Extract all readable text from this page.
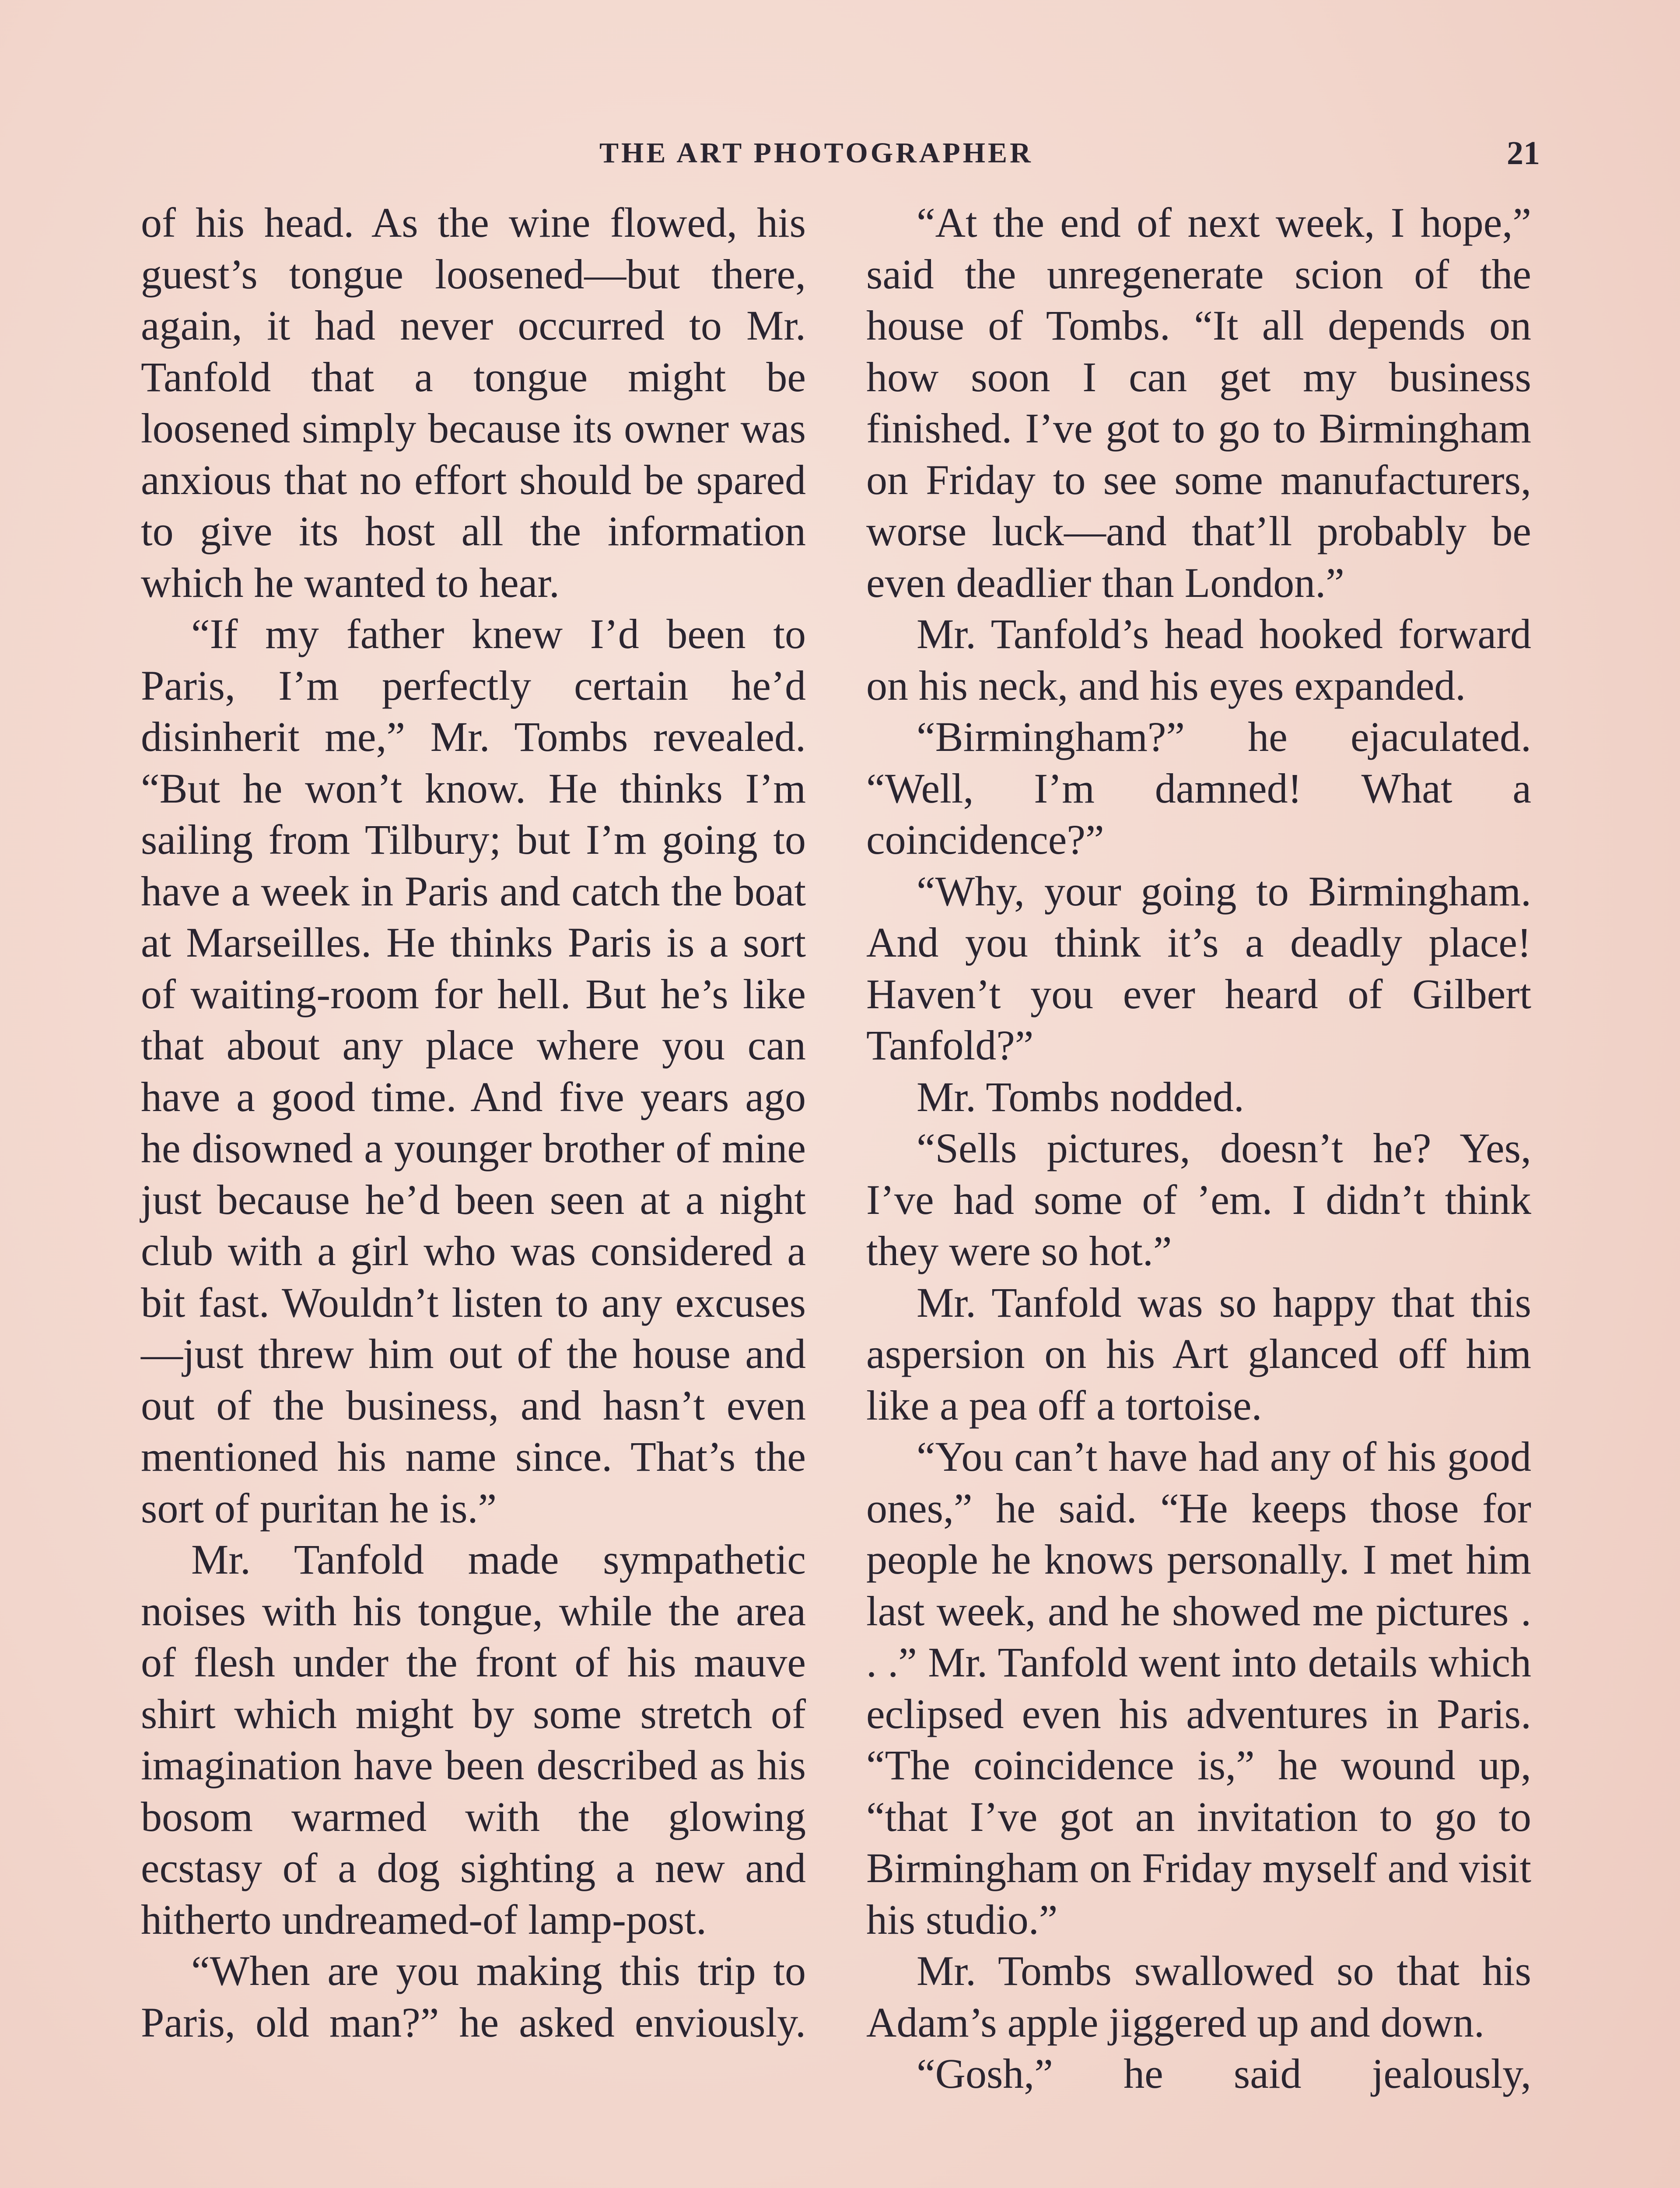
THE ART PHOTOGRAPHER	21

of his head. As the wine flowed, his guest’s tongue loosened—but there, again, it had never occurred to Mr. Tanfold that a tongue might be loosened simply because its owner was anxious that no effort should be spared to give its host all the information which he wanted to hear.

“If my father knew I’d been to Paris, I’m perfectly certain he’d disinherit me,” Mr. Tombs revealed. “But he won’t know. He thinks I’m sailing from Tilbury; but I’m going to have a week in Paris and catch the boat at Marseilles. He thinks Paris is a sort of waiting-room for hell. But he’s like that about any place where you can have a good time. And five years ago he disowned a younger brother of mine just because he’d been seen at a night club with a girl who was considered a bit fast. Wouldn’t listen to any excuses—just threw him out of the house and out of the business, and hasn’t even mentioned his name since. That’s the sort of puritan he is.”

Mr. Tanfold made sympathetic noises with his tongue, while the area of flesh under the front of his mauve shirt which might by some stretch of imagination have been described as his bosom warmed with the glowing ecstasy of a dog sighting a new and hitherto undreamed-of lamp-post.

“When are you making this trip to Paris, old man?” he asked enviously.

“At the end of next week, I hope,” said the unregenerate scion of the house of Tombs. “It all depends on how soon I can get my business finished. I’ve got to go to Birmingham on Friday to see some manufacturers, worse luck—and that’ll probably be even deadlier than London.”

Mr. Tanfold’s head hooked forward on his neck, and his eyes expanded.

“Birmingham?” he ejaculated. “Well, I’m damned! What a coincidence?”

“Why, your going to Birmingham. And you think it’s a deadly place! Haven’t you ever heard of Gilbert Tanfold?”

Mr. Tombs nodded.

“Sells pictures, doesn’t he? Yes, I’ve had some of ’em. I didn’t think they were so hot.”

Mr. Tanfold was so happy that this aspersion on his Art glanced off him like a pea off a tortoise.

“You can’t have had any of his good ones,” he said. “He keeps those for people he knows personally. I met him last week, and he showed me pictures . . .” Mr. Tanfold went into details which eclipsed even his adventures in Paris. “The coincidence is,” he wound up, “that I’ve got an invitation to go to Birmingham on Friday myself and visit his studio.”

Mr. Tombs swallowed so that his Adam’s apple jiggered up and down.

“Gosh,” he said jealously,
